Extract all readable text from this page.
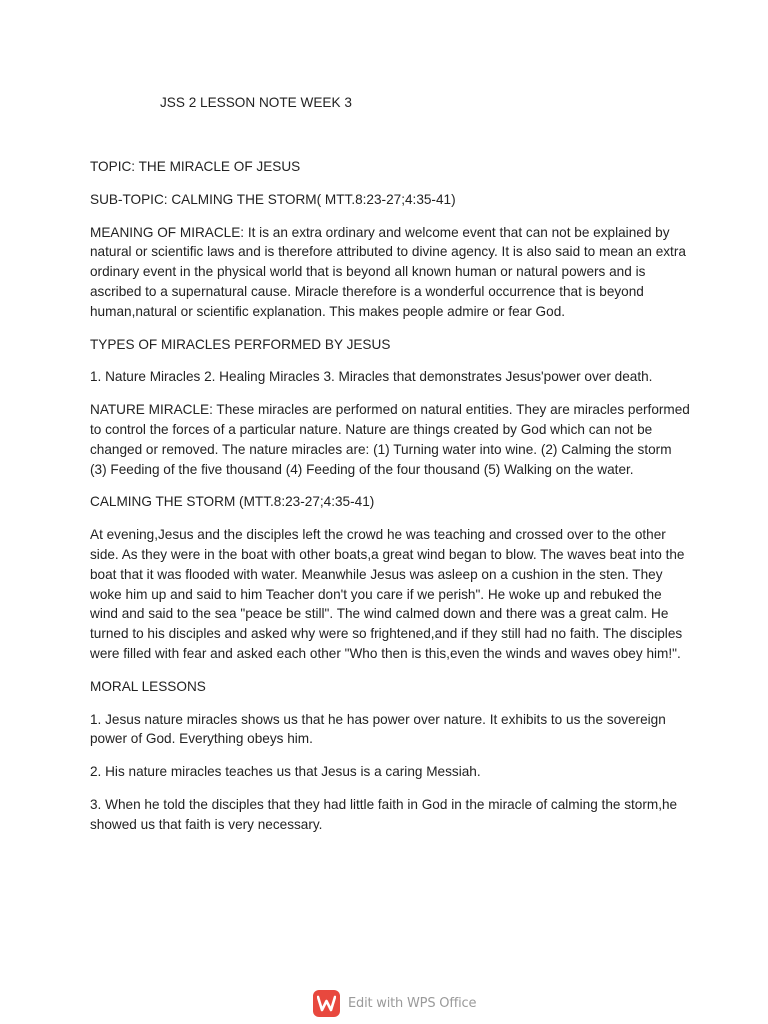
JSS 2 LESSON NOTE WEEK 3

TOPIC: THE MIRACLE OF JESUS

SUB-TOPIC: CALMING THE STORM( MTT.8:23-27;4:35-41)

MEANING OF MIRACLE: It is an extra ordinary and welcome event that can not be explained by natural or scientific laws and is therefore attributed to divine agency. It is also said to mean an extra ordinary event in the physical world that is beyond all known human or natural powers and is ascribed to a supernatural cause. Miracle therefore is a wonderful occurrence that is beyond human,natural or scientific explanation. This makes people admire or fear God.

TYPES OF MIRACLES PERFORMED BY JESUS

1. Nature Miracles 2. Healing Miracles 3. Miracles that demonstrates Jesus'power over death.

NATURE MIRACLE: These miracles are performed on natural entities. They are miracles performed to control the forces of a particular nature. Nature are things created by God which can not be changed or removed. The nature miracles are: (1) Turning water into wine. (2) Calming the storm (3) Feeding of the five thousand (4) Feeding of the four thousand (5) Walking on the water.

CALMING THE STORM (MTT.8:23-27;4:35-41)

At evening,Jesus and the disciples left the crowd he was teaching and crossed over to the other side. As they were in the boat with other boats,a great wind began to blow. The waves beat into the boat that it was flooded with water. Meanwhile Jesus was asleep on a cushion in the sten. They woke him up and said to him Teacher don't you care if we perish". He woke up and rebuked the wind and said to the sea "peace be still". The wind calmed down and there was a great calm. He turned to his disciples and asked why were so frightened,and if they still had no faith. The disciples were filled with fear and asked each other "Who then is this,even the winds and waves obey him!".

MORAL LESSONS

1. Jesus nature miracles shows us that he has power over nature. It exhibits to us the sovereign power of God. Everything obeys him.

2. His nature miracles teaches us that Jesus is a caring Messiah.

3. When he told the disciples that they had little faith in God in the miracle of calming the storm,he showed us that faith is very necessary.

Edit with WPS Office
